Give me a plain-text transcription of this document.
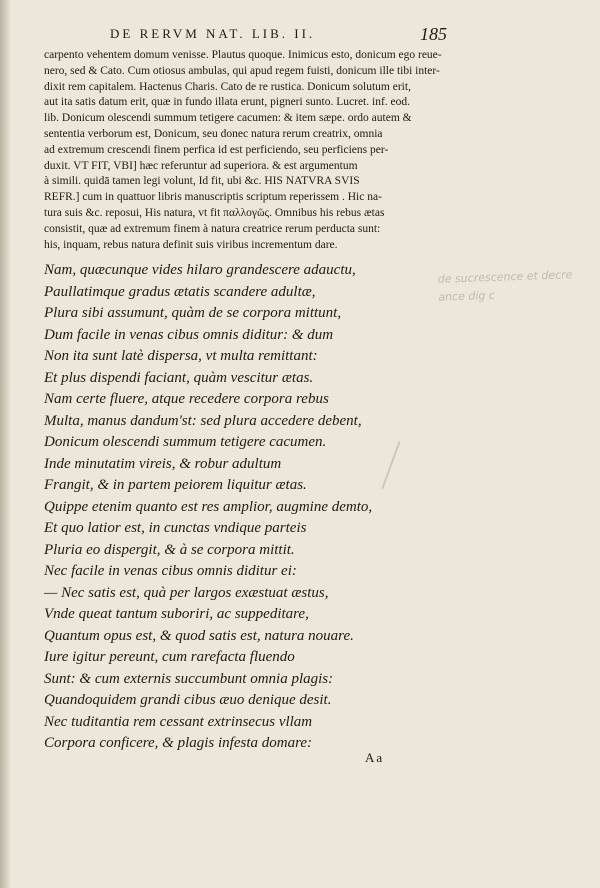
DE RERVM NAT. LIB. II.	185
carpento vehentem domum venisse. Plautus quoque. Inimicus esto, donicum ego reue-
nero, sed & Cato. Cum otiosus ambulas, qui apud regem fuisti, donicum ille tibi inter-
dixit rem capitalem. Hactenus Charis. Cato de re rustica. Donicum solutum erit,
aut ita satis datum erit, quæ in fundo illata erunt, pigneri sunto. Lucret. inf. eod.
lib. Donicum olescendi summum tetigere cacumen: & item sæpe. ordo autem &
sententia verborum est, Donicum, seu donec natura rerum creatrix, omnia
ad extremum crescendi finem perfica id est perficiendo, seu perficiens per-
duxit. VT FIT, VBI] hæc referuntur ad superiora. & est argumentum
à simili. quidā tamen legi volunt, Id fit, ubi &c. HIS NATVRA SVIS
REFR.] cum in quattuor libris manuscriptis scriptum reperissem . Hic na-
tura suis &c. reposui, His natura, vt fit παλλογῶς. Omnibus his rebus ætas
consistit, quæ ad extremum finem à natura creatrice rerum perducta sunt:
his, inquam, rebus natura definit suis viribus incrementum dare.
Nam, quæcunque vides hilaro grandescere adauctu,
Paullatimque gradus ætatis scandere adultæ,
Plura sibi assumunt, quàm de se corpora mittunt,
Dum facile in venas cibus omnis diditur: & dum
Non ita sunt latè dispersa, vt multa remittant:
Et plus dispendi faciant, quàm vescitur ætas.
Nam certe fluere, atque recedere corpora rebus
Multa, manus dandum'st: sed plura accedere debent,
Donicum olescendi summum tetigere cacumen.
Inde minutatim vireis, & robur adultum
Frangit, & in partem peiorem liquitur ætas.
Quippe etenim quanto est res amplior, augmine demto,
Et quo latior est, in cunctas vndique parteis
Pluria eo dispergit, & à se corpora mittit.
Nec facile in venas cibus omnis diditur ei:
— Nec satis est, quà per largos exæstuat æstus,
Vnde queat tantum suboriri, ac suppeditare,
Quantum opus est, & quod satis est, natura nouare.
Iure igitur pereunt, cum rarefacta fluendo
Sunt: & cum externis succumbunt omnia plagis:
Quandoquidem grandi cibus æuo denique desit.
Nec tuditantia rem cessant extrinsecus vllam
Corpora conficere, & plagis infesta domare:
de sucrescence et decre
ance dig c
Aa
